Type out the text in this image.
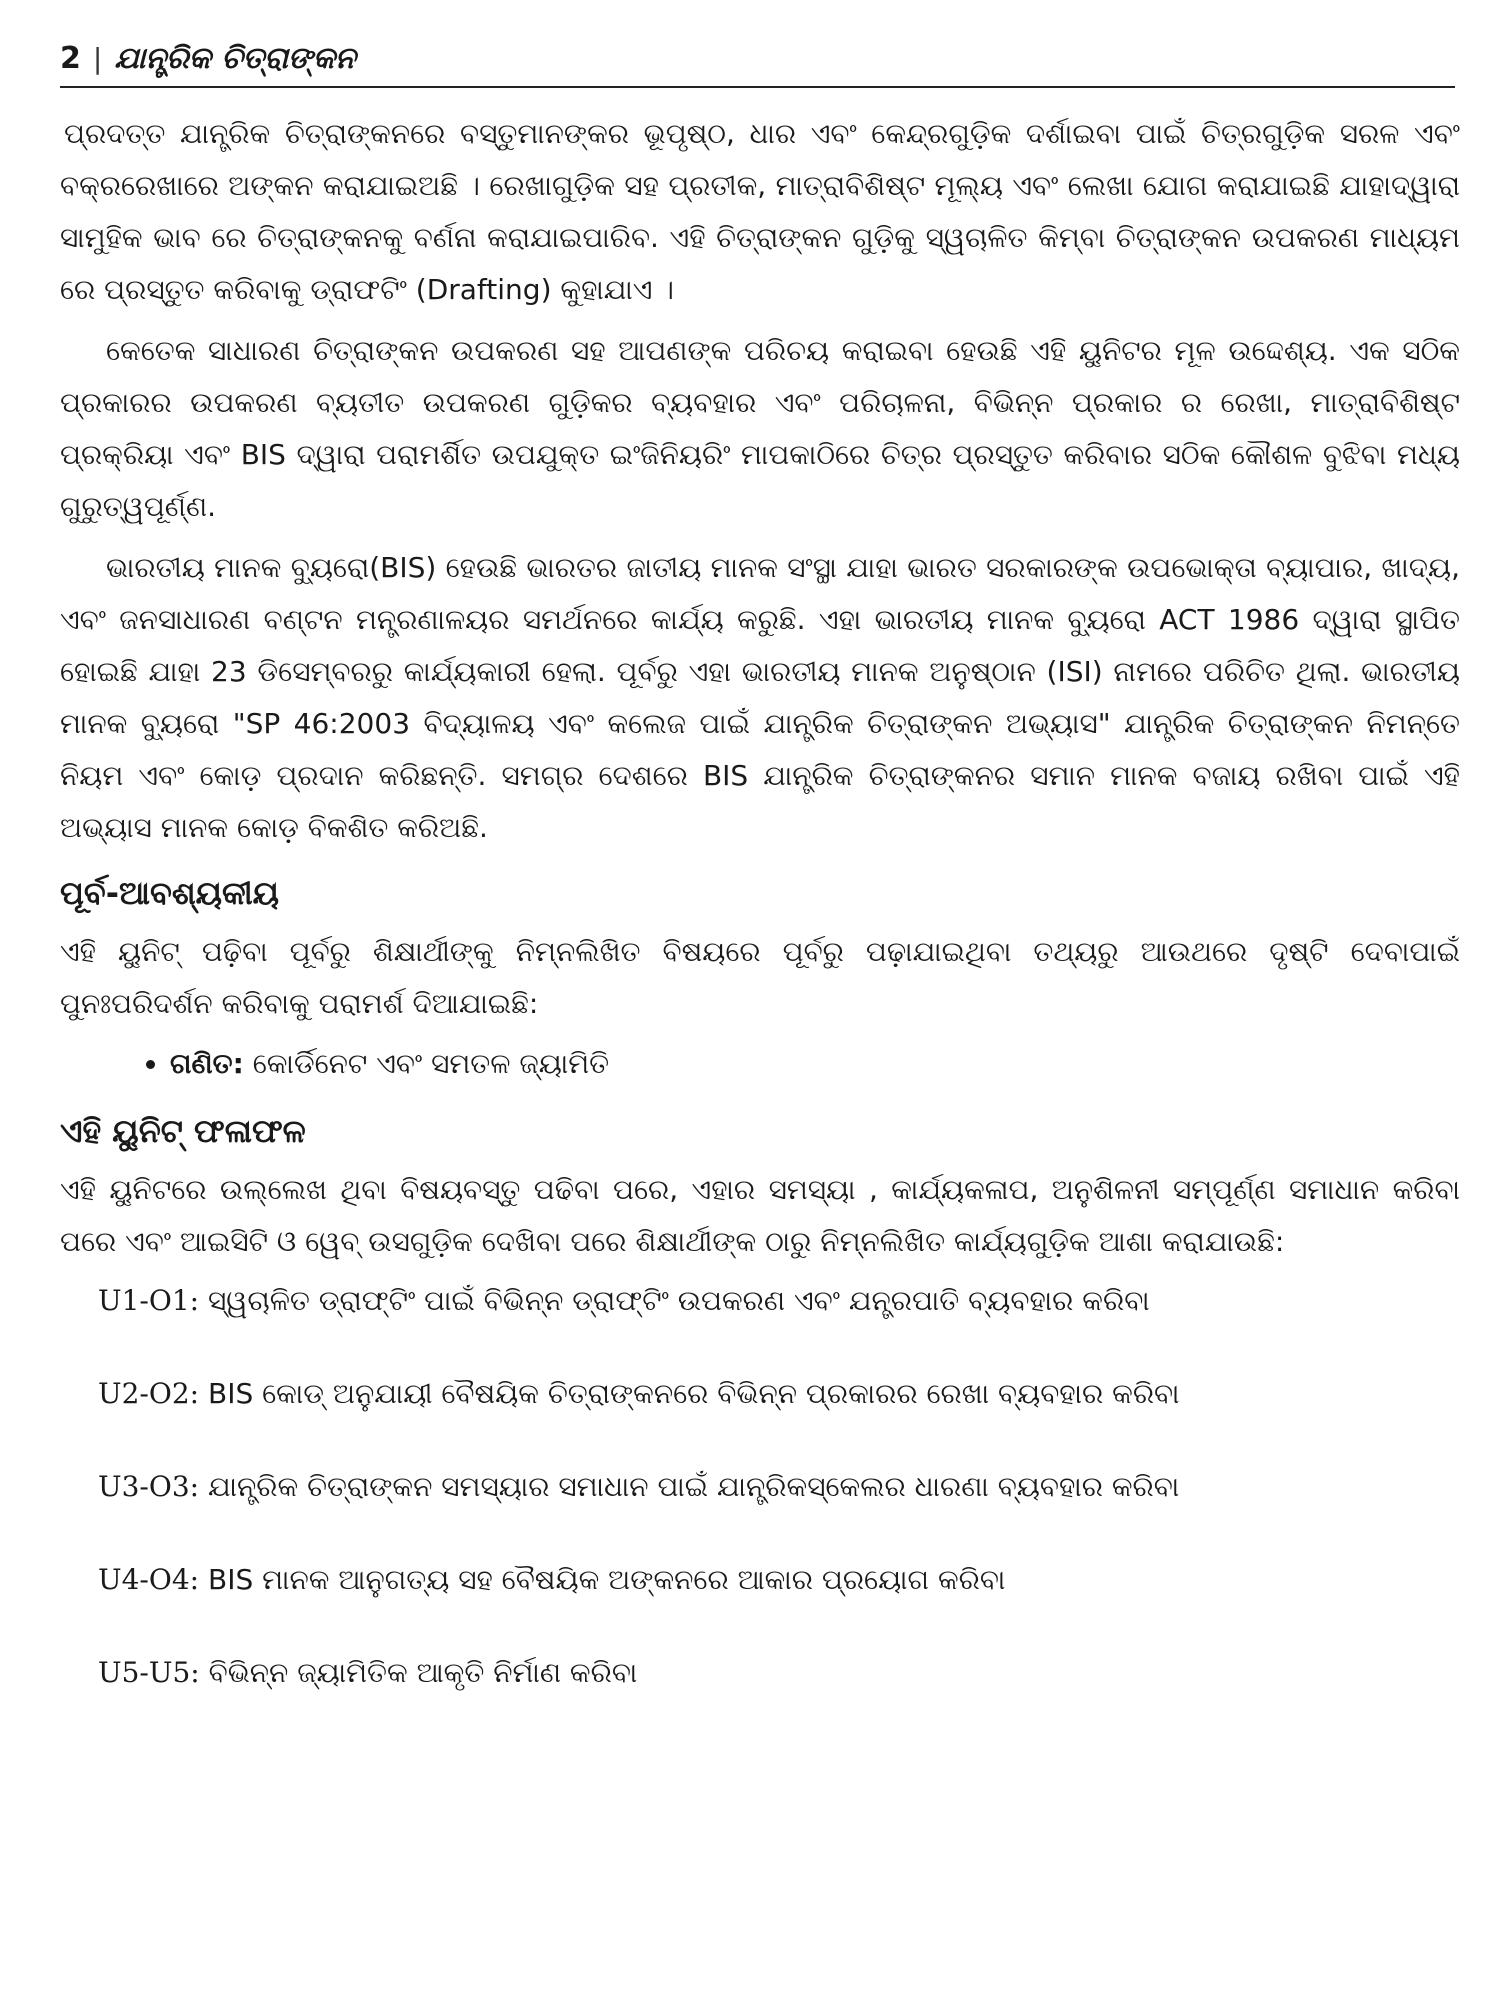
2 | ଯାନ୍ତ୍ରିକ ଚିତ୍ରାଙ୍କନ

ପ୍ରଦତ୍ତ ଯାନ୍ତ୍ରିକ ଚିତ୍ରାଙ୍କନରେ ବସ୍ତୁମାନଙ୍କର ଭୂପୃଷ୍ଠ, ଧାର ଏବଂ କେନ୍ଦ୍ରଗୁଡ଼ିକ ଦର୍ଶାଇବା ପାଇଁ ଚିତ୍ରଗୁଡ଼ିକ ସରଳ ଏବଂ ବକ୍ରରେଖାରେ ଅଙ୍କନ କରାଯାଇଅଛି । ରେଖାଗୁଡ଼ିକ ସହ ପ୍ରତୀକ, ମାତ୍ରାବିଶିଷ୍ଟ ମୂଲ୍ୟ ଏବଂ ଲେଖା ଯୋଗ କରାଯାଇଛି ଯାହାଦ୍ୱାରା ସାମୁହିକ ଭାବ ରେ ଚିତ୍ରାଙ୍କନକୁ ବର୍ଣନା କରାଯାଇପାରିବ. ଏହି ଚିତ୍ରାଙ୍କନ ଗୁଡ଼ିକୁ ସ୍ୱଚାଳିତ କିମ୍ବା ଚିତ୍ରାଙ୍କନ ଉପକରଣ ମାଧ୍ୟମ ରେ ପ୍ରସ୍ତୁତ କରିବାକୁ ଡ୍ରାଫଟିଂ (Drafting) କୁହାଯାଏ ।

କେତେକ ସାଧାରଣ ଚିତ୍ରାଙ୍କନ ଉପକରଣ ସହ ଆପଣଙ୍କ ପରିଚୟ କରାଇବା ହେଉଛି ଏହି ୟୁନିଟର ମୂଳ ଉଦ୍ଦେଶ୍ୟ. ଏକ ସଠିକ ପ୍ରକାରର ଉପକରଣ ବ୍ୟତୀତ ଉପକରଣ ଗୁଡ଼ିକର ବ୍ୟବହାର ଏବଂ ପରିଚାଳନା, ବିଭିନ୍ନ ପ୍ରକାର ର ରେଖା, ମାତ୍ରାବିଶିଷ୍ଟ ପ୍ରକ୍ରିୟା ଏବଂ BIS ଦ୍ୱାରା ପରାମର୍ଶିତ ଉପଯୁକ୍ତ ଇଂଜିନିୟରିଂ ମାପକାଠିରେ ଚିତ୍ର ପ୍ରସ୍ତୁତ କରିବାର ସଠିକ କୌଶଳ ବୁଝିବା ମଧ୍ୟ ଗୁରୁତ୍ୱପୂର୍ଣ୍ଣ.

ଭାରତୀୟ ମାନକ ବ୍ୟୁରୋ(BIS) ହେଉଛି ଭାରତର ଜାତୀୟ ମାନକ ସଂସ୍ଥା ଯାହା ଭାରତ ସରକାରଙ୍କ ଉପଭୋକ୍ତା ବ୍ୟାପାର, ଖାଦ୍ୟ, ଏବଂ ଜନସାଧାରଣ ବଣ୍ଟନ ମନ୍ତ୍ରଣାଳୟର ସମର୍ଥନରେ କାର୍ଯ୍ୟ କରୁଛି. ଏହା ଭାରତୀୟ ମାନକ ବ୍ୟୁରୋ ACT 1986 ଦ୍ୱାରା ସ୍ଥାପିତ ହୋଇଛି ଯାହା 23 ଡିସେମ୍ବରରୁ କାର୍ଯ୍ୟକାରୀ ହେଲା. ପୂର୍ବରୁ ଏହା ଭାରତୀୟ ମାନକ ଅନୁଷ୍ଠାନ (ISI) ନାମରେ ପରିଚିତ ଥିଲା. ଭାରତୀୟ ମାନକ ବ୍ୟୁରୋ "SP 46:2003 ବିଦ୍ୟାଳୟ ଏବଂ କଲେଜ ପାଇଁ ଯାନ୍ତ୍ରିକ ଚିତ୍ରାଙ୍କନ ଅଭ୍ୟାସ" ଯାନ୍ତ୍ରିକ ଚିତ୍ରାଙ୍କନ ନିମନ୍ତେ ନିୟମ ଏବଂ କୋଡ଼ ପ୍ରଦାନ କରିଛନ୍ତି. ସମଗ୍ର ଦେଶରେ BIS ଯାନ୍ତ୍ରିକ ଚିତ୍ରାଙ୍କନର ସମାନ ମାନକ ବଜାୟ ରଖିବା ପାଇଁ ଏହି ଅଭ୍ୟାସ ମାନକ କୋଡ଼ ବିକଶିତ କରିଅଛି.

ପୂର୍ବ-ଆବଶ୍ୟକୀୟ

ଏହି ୟୁନିଟ୍ ପଢ଼ିବା ପୂର୍ବରୁ ଶିକ୍ଷାର୍ଥୀଙ୍କୁ ନିମ୍ନଲିଖିତ ବିଷୟରେ ପୂର୍ବରୁ ପଢ଼ାଯାଇଥିବା ତଥ୍ୟରୁ ଆଉଥରେ ଦୃଷ୍ଟି ଦେବାପାଇଁ ପୁନଃପରିଦର୍ଶନ କରିବାକୁ ପରାମର୍ଶ ଦିଆଯାଇଛି:

• ଗଣିତ: କୋର୍ଡିନେଟ ଏବଂ ସମତଳ ଜ୍ୟାମିତି
ଏହି ୟୁନିଟ୍ ଫଳାଫଳ

ଏହି ୟୁନିଟରେ ଉଲ୍ଲେଖ ଥିବା ବିଷୟବସ୍ତୁ ପଢିବା ପରେ, ଏହାର ସମସ୍ୟା , କାର୍ଯ୍ୟକଳାପ, ଅନୁଶିଳନୀ ସମ୍ପୂର୍ଣ୍ଣ ସମାଧାନ କରିବା ପରେ ଏବଂ ଆଇସିଟି ଓ ୱେବ୍ ଉସଗୁଡ଼ିକ ଦେଖିବା ପରେ ଶିକ୍ଷାର୍ଥୀଙ୍କ ଠାରୁ ନିମ୍ନଲିଖିତ କାର୍ଯ୍ୟଗୁଡ଼ିକ ଆଶା କରାଯାଉଛି:

U1-O1: ସ୍ୱଚାଳିତ ଡ୍ରାଫ୍ଟିଂ ପାଇଁ ବିଭିନ୍ନ ଡ୍ରାଫ୍ଟିଂ ଉପକରଣ ଏବଂ ଯନ୍ତ୍ରପାତି ବ୍ୟବହାର କରିବା
U2-O2: BIS କୋଡ୍ ଅନୁଯାୟୀ ବୈଷୟିକ ଚିତ୍ରାଙ୍କନରେ ବିଭିନ୍ନ ପ୍ରକାରର ରେଖା ବ୍ୟବହାର କରିବା
U3-O3: ଯାନ୍ତ୍ରିକ ଚିତ୍ରାଙ୍କନ ସମସ୍ୟାର ସମାଧାନ ପାଇଁ ଯାନ୍ତ୍ରିକସ୍କେଲର ଧାରଣା ବ୍ୟବହାର କରିବା
U4-O4: BIS ମାନକ ଆନୁଗତ୍ୟ ସହ ବୈଷୟିକ ଅଙ୍କନରେ ଆକାର ପ୍ରୟୋଗ କରିବା
U5-U5: ବିଭିନ୍ନ ଜ୍ୟାମିତିକ ଆକୃତି ନିର୍ମାଣ କରିବା
